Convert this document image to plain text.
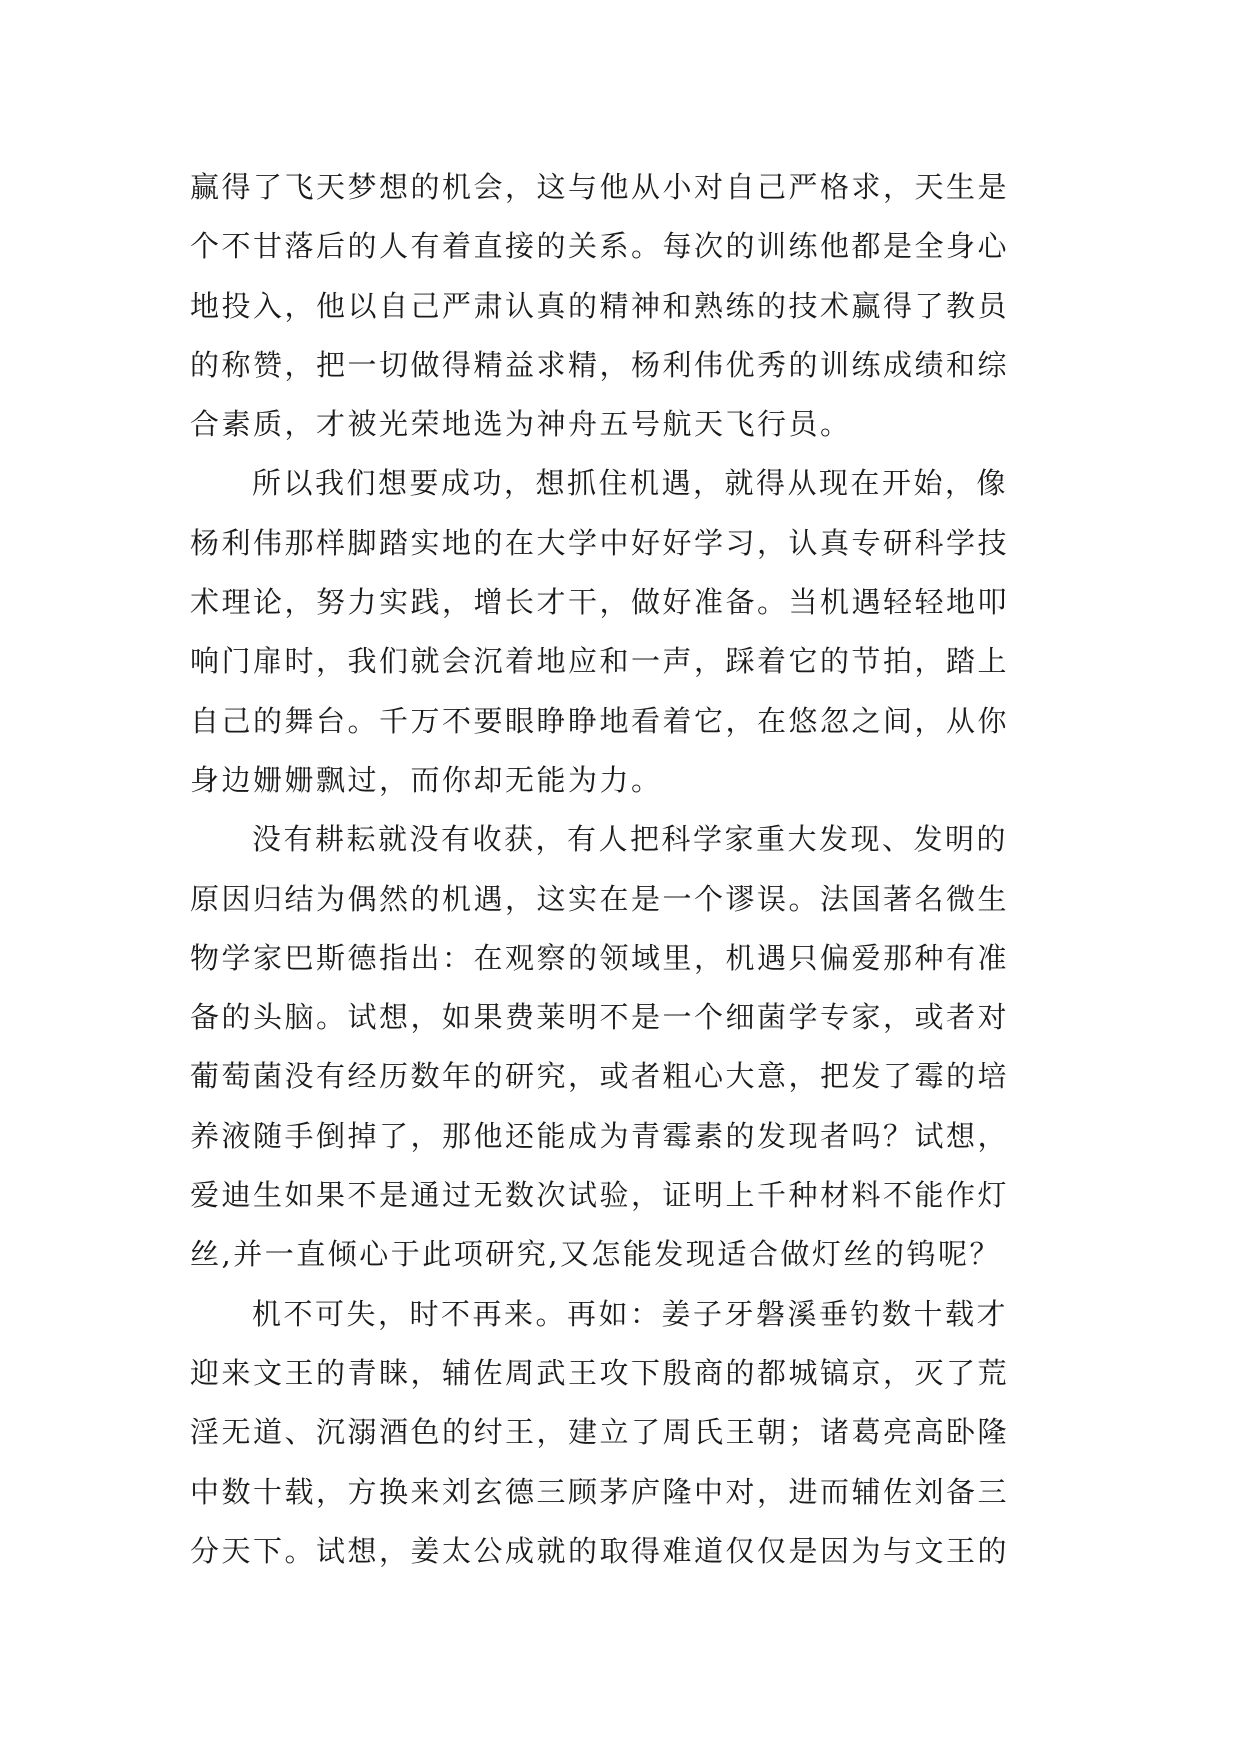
赢得了飞天梦想的机会，这与他从小对自己严格求，天生是
个不甘落后的人有着直接的关系。每次的训练他都是全身心
地投入，他以自己严肃认真的精神和熟练的技术赢得了教员
的称赞，把一切做得精益求精，杨利伟优秀的训练成绩和综
合素质，才被光荣地选为神舟五号航天飞行员。
所以我们想要成功，想抓住机遇，就得从现在开始，像
杨利伟那样脚踏实地的在大学中好好学习，认真专研科学技
术理论，努力实践，增长才干，做好准备。当机遇轻轻地叩
响门扉时，我们就会沉着地应和一声，踩着它的节拍，踏上
自己的舞台。千万不要眼睁睁地看着它，在悠忽之间，从你
身边姗姗飘过，而你却无能为力。
没有耕耘就没有收获，有人把科学家重大发现、发明的
原因归结为偶然的机遇，这实在是一个谬误。法国著名微生
物学家巴斯德指出：在观察的领域里，机遇只偏爱那种有准
备的头脑。试想，如果费莱明不是一个细菌学专家，或者对
葡萄菌没有经历数年的研究，或者粗心大意，把发了霉的培
养液随手倒掉了，那他还能成为青霉素的发现者吗？试想，
爱迪生如果不是通过无数次试验，证明上千种材料不能作灯
丝,并一直倾心于此项研究,又怎能发现适合做灯丝的钨呢？
机不可失，时不再来。再如：姜子牙磐溪垂钓数十载才
迎来文王的青睐，辅佐周武王攻下殷商的都城镐京，灭了荒
淫无道、沉溺酒色的纣王，建立了周氏王朝；诸葛亮高卧隆
中数十载，方换来刘玄德三顾茅庐隆中对，进而辅佐刘备三
分天下。试想，姜太公成就的取得难道仅仅是因为与文王的
